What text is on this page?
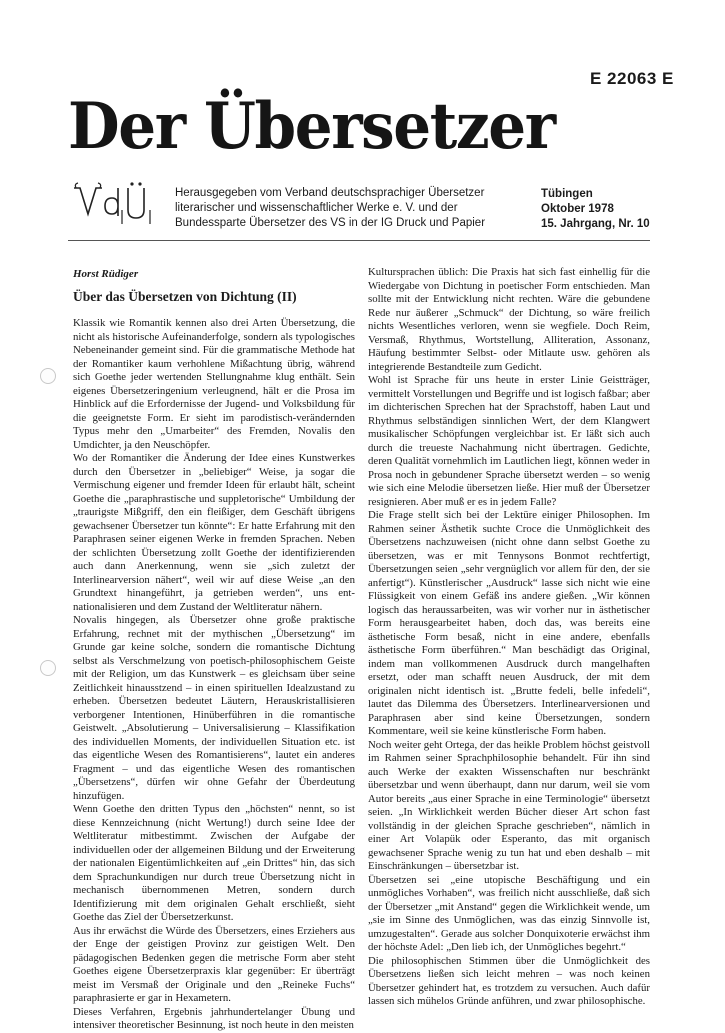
E 22063 E
Der Übersetzer
Herausgegeben vom Verband deutschsprachiger Übersetzer
literarischer und wissenschaftlicher Werke e. V. und der
Bundessparte Übersetzer des VS in der IG Druck und Papier
Tübingen
Oktober 1978
15. Jahrgang, Nr. 10
Horst Rüdiger
Über das Übersetzen von Dichtung (II)

Klassik wie Romantik kennen also drei Arten Übersetzung, die nicht als historische Aufeinanderfolge, sondern als typologisches Nebeneinander gemeint sind. Für die grammatische Methode hat der Romantiker kaum verhohlene Mißachtung übrig, während sich Goethe jeder wertenden Stellungnahme klug enthält. Sein eigenes Übersetzeringenium verleugnend, hält er die Prosa im Hinblick auf die Erfordernisse der Jugend- und Volksbildung für die geeignetste Form. Er sieht im parodistisch-verändernden Typus mehr den „Umarbeiter“ des Fremden, Novalis den Umdichter, ja den Neuschöpfer.

Wo der Romantiker die Änderung der Idee eines Kunstwerkes durch den Übersetzer in „beliebiger“ Weise, ja sogar die Vermischung eigener und fremder Ideen für erlaubt hält, scheint Goethe die „paraphrastische und suppletorische“ Umbildung der „traurigste Mißgriff, den ein fleißiger, dem Geschäft übrigens gewachsener Übersetzer tun könnte“: Er hatte Erfahrung mit den Paraphrasen seiner eigenen Werke in fremden Sprachen. Neben der schlichten Übersetzung zollt Goethe der identifizierenden auch dann Anerkennung, wenn sie „sich zuletzt der Interlinearversion nähert“, weil wir auf diese Weise „an den Grundtext hinangeführt, ja getrieben werden“, uns ent-nationalisieren und dem Zustand der Weltliteratur nähern.

Novalis hingegen, als Übersetzer ohne große praktische Erfahrung, rechnet mit der mythischen „Übersetzung“ im Grunde gar keine solche, sondern die romantische Dichtung selbst als Verschmelzung von poetisch-philosophischem Geiste mit der Religion, um das Kunstwerk – es gleichsam über seine Zeitlichkeit hinausstzend – in einen spirituellen Idealzustand zu erheben. Übersetzen bedeutet Läutern, Herauskristallisieren verborgener Intentionen, Hinüberführen in die romantische Geistwelt. „Absolutierung – Universalisierung – Klassifikation des individuellen Moments, der individuellen Situation etc. ist das eigentliche Wesen des Romantisierens“, lautet ein anderes Fragment – und das eigentliche Wesen des romantischen „Übersetzens“, dürfen wir ohne Gefahr der Überdeutung hinzufügen.

Wenn Goethe den dritten Typus den „höchsten“ nennt, so ist diese Kennzeichnung (nicht Wertung!) durch seine Idee der Weltliteratur mitbestimmt. Zwischen der Aufgabe der individuellen oder der allgemeinen Bildung und der Erweiterung der nationalen Eigentümlichkeiten auf „ein Drittes“ hin, das sich dem Sprachunkundigen nur durch treue Übersetzung nicht in mechanisch übernommenen Metren, sondern durch Identifizierung mit dem originalen Gehalt erschließt, sieht Goethe das Ziel der Übersetzerkunst.

Aus ihr erwächst die Würde des Übersetzers, eines Erziehers aus der Enge der geistigen Provinz zur geistigen Welt. Den pädagogischen Bedenken gegen die metrische Form aber steht Goethes eigene Übersetzerpraxis klar gegenüber: Er überträgt meist im Versmaß der Originale und den „Reineke Fuchs“ paraphrasierte er gar in Hexametern.

Dieses Verfahren, Ergebnis jahrhundertelanger Übung und intensiver theoretischer Besinnung, ist noch heute in den meisten

Kultursprachen üblich: Die Praxis hat sich fast einhellig für die Wiedergabe von Dichtung in poetischer Form entschieden. Man sollte mit der Entwicklung nicht rechten. Wäre die gebundene Rede nur äußerer „Schmuck“ der Dichtung, so wäre freilich nichts Wesentliches verloren, wenn sie wegfiele. Doch Reim, Versmaß, Rhythmus, Wortstellung, Alliteration, Assonanz, Häufung bestimmter Selbst- oder Mitlaute usw. gehören als integrierende Bestandteile zum Gedicht.

Wohl ist Sprache für uns heute in erster Linie Geistträger, vermittelt Vorstellungen und Begriffe und ist logisch faßbar; aber im dichterischen Sprechen hat der Sprachstoff, haben Laut und Rhythmus selbständigen sinnlichen Wert, der dem Klangwert musikalischer Schöpfungen vergleichbar ist. Er läßt sich auch durch die treueste Nachahmung nicht übertragen. Gedichte, deren Qualität vornehmlich im Lautlichen liegt, können weder in Prosa noch in gebundener Sprache übersetzt werden – so wenig wie sich eine Melodie übersetzen ließe. Hier muß der Übersetzer resignieren. Aber muß er es in jedem Falle?

Die Frage stellt sich bei der Lektüre einiger Philosophen. Im Rahmen seiner Ästhetik suchte Croce die Unmöglichkeit des Übersetzens nachzuweisen (nicht ohne dann selbst Goethe zu übersetzen, was er mit Tennysons Bonmot rechtfertigt, Übersetzungen seien „sehr vergnüglich vor allem für den, der sie anfertigt“). Künstlerischer „Ausdruck“ lasse sich nicht wie eine Flüssigkeit von einem Gefäß ins andere gießen. „Wir können logisch das heraussarbeiten, was wir vorher nur in ästhetischer Form herausgearbeitet haben, doch das, was bereits eine ästhetische Form besaß, nicht in eine andere, ebenfalls ästhetische Form überführen.“ Man beschädigt das Original, indem man vollkommenen Ausdruck durch mangelhaften ersetzt, oder man schafft neuen Ausdruck, der mit dem originalen nicht identisch ist. „Brutte fedeli, belle infedeli“, lautet das Dilemma des Übersetzers. Interlinearversionen und Paraphrasen aber sind keine Übersetzungen, sondern Kommentare, weil sie keine künstlerische Form haben.

Noch weiter geht Ortega, der das heikle Problem höchst geistvoll im Rahmen seiner Sprachphilosophie behandelt. Für ihn sind auch Werke der exakten Wissenschaften nur beschränkt übersetzbar und wenn überhaupt, dann nur darum, weil sie vom Autor bereits „aus einer Sprache in eine Terminologie“ übersetzt seien. „In Wirklichkeit werden Bücher dieser Art schon fast vollständig in der gleichen Sprache geschrieben“, nämlich in einer Art Volapük oder Esperanto, das mit organisch gewachsener Sprache wenig zu tun hat und eben deshalb – mit Einschränkungen – übersetzbar ist.

Übersetzen sei „eine utopische Beschäftigung und ein unmögliches Vorhaben“, was freilich nicht ausschließe, daß sich der Übersetzer „mit Anstand“ gegen die Wirklichkeit wende, um „sie im Sinne des Unmöglichen, was das einzig Sinnvolle ist, umzugestalten“. Gerade aus solcher Donquixoterie erwächst ihm der höchste Adel: „Den lieb ich, der Unmögliches begehrt.“

Die philosophischen Stimmen über die Unmöglichkeit des Übersetzens ließen sich leicht mehren – was noch keinen Übersetzer gehindert hat, es trotzdem zu versuchen. Auch dafür lassen sich mühelos Gründe anführen, und zwar philosophische.
